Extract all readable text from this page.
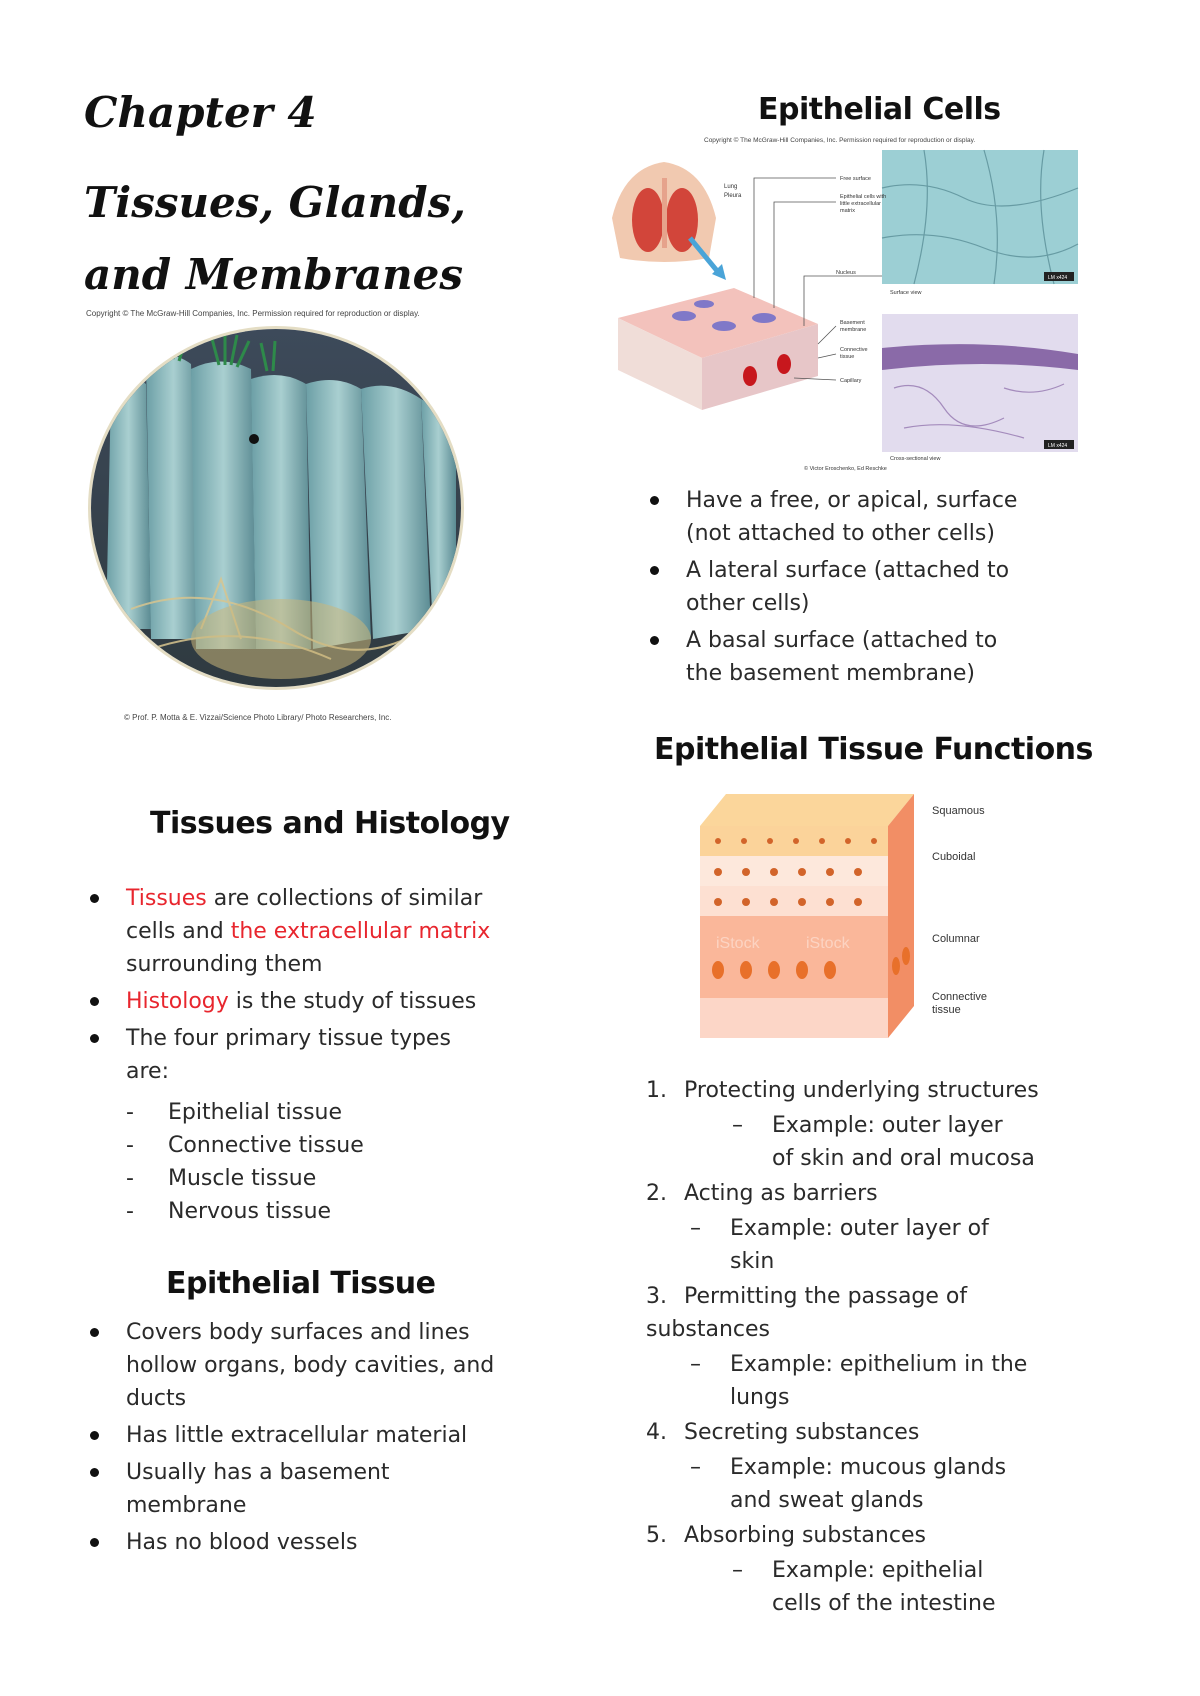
Chapter 4
Tissues, Glands,
and Membranes
Copyright © The McGraw-Hill Companies, Inc. Permission required for reproduction or display.
© Prof. P. Motta & E. Vizzai/Science Photo Library/ Photo Researchers, Inc.
Tissues and Histology
Tissues are collections of similar cells and the extracellular matrix surrounding them
Histology is the study of tissues
The four primary tissue types are:
- Epithelial tissue
- Connective tissue
- Muscle tissue
- Nervous tissue
Epithelial Tissue
Covers body surfaces and lines hollow organs, body cavities, and ducts
Has little extracellular material
Usually has a basement membrane
Has no blood vessels
Epithelial Cells
Copyright © The McGraw-Hill Companies, Inc. Permission required for reproduction or display.
Lung
Pleura
LM x424
Surface view
LM x424
Cross-sectional view
© Victor Eroschenko, Ed Reschke
Free surface
Epithelial cells with
little extracellular
matrix
Nucleus
Basement
membrane
Connective
tissue
Capillary
Have a free, or apical, surface (not attached to other cells)
A lateral surface (attached to other cells)
A basal surface (attached to the basement membrane)
Epithelial Tissue Functions
iStock	iStock
Squamous
Cuboidal
Columnar
Connective
tissue
1. Protecting underlying structures
– Example: outer layer
of skin and oral mucosa
2. Acting as barriers
– Example: outer layer of
skin
3. Permitting the passage of
substances
– Example: epithelium in the
lungs
4. Secreting substances
– Example: mucous glands
and sweat glands
5. Absorbing substances
– Example: epithelial
cells of the intestine
